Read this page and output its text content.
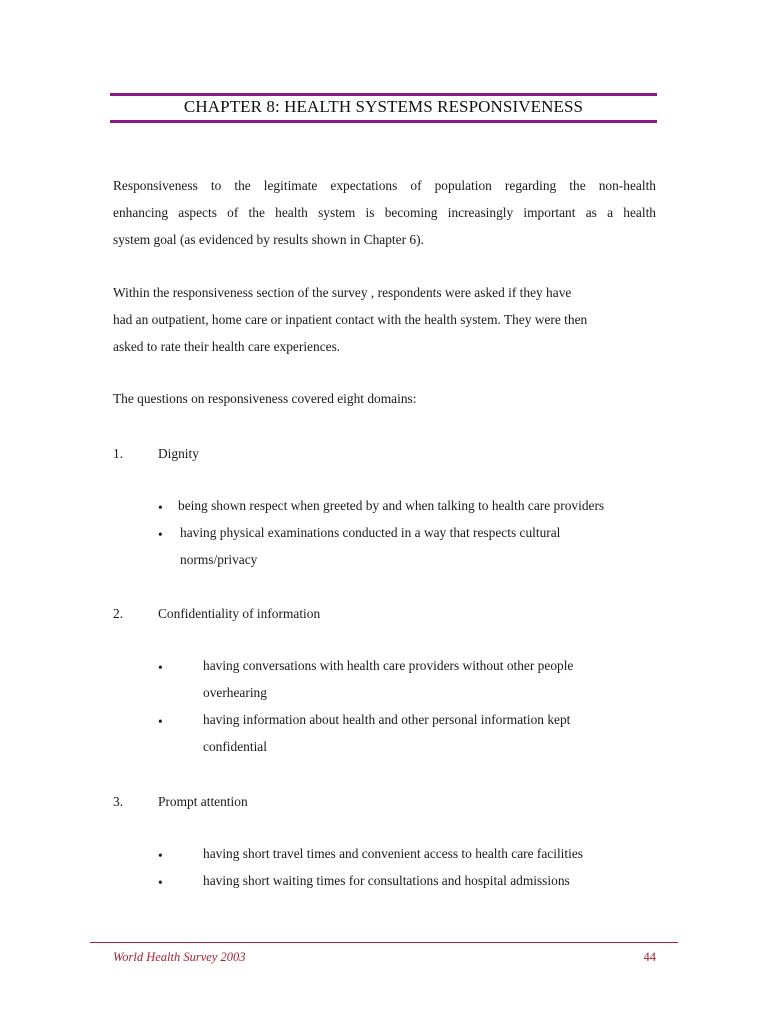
CHAPTER 8: HEALTH SYSTEMS RESPONSIVENESS
Responsiveness to the legitimate expectations of population regarding the non-health
enhancing aspects of the health system is becoming increasingly important as a health
system goal (as evidenced by results shown in Chapter 6).
Within the responsiveness section of the survey , respondents were asked if they have
had an outpatient, home care or inpatient contact with the health system. They were then
asked to rate their health care experiences.
The questions on responsiveness covered eight domains:
1.	Dignity
• being shown respect when greeted by and when talking to health care providers
• having physical examinations conducted in a way that respects cultural
norms/privacy
2.	Confidentiality of information
•	having conversations with health care providers without other people
overhearing
•	having information about health and other personal information kept
confidential
3.	Prompt attention
•	having short travel times and convenient access to health care facilities
•	having short waiting times for consultations and hospital admissions
World Health Survey 2003	44
